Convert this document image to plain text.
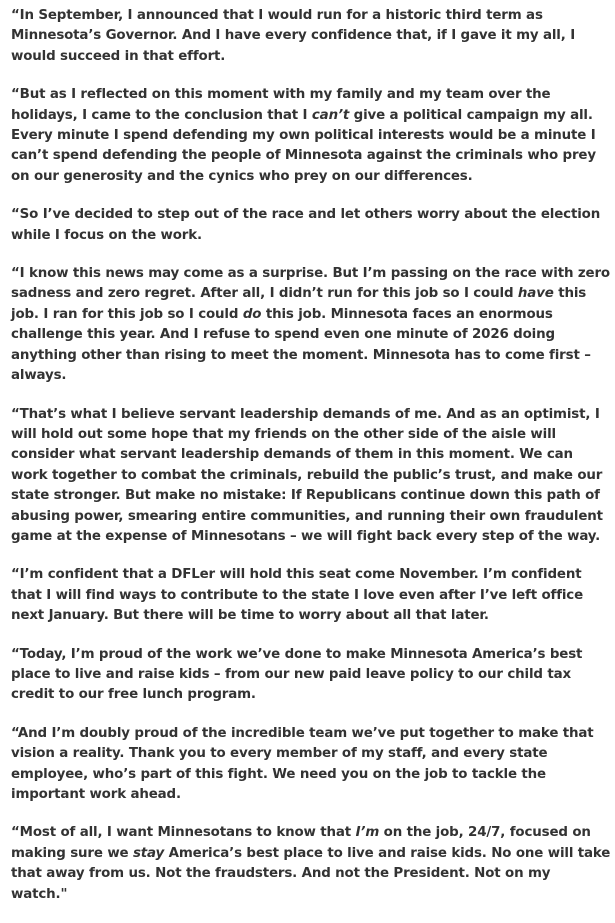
“In September, I announced that I would run for a historic third term as Minnesota’s Governor. And I have every confidence that, if I gave it my all, I would succeed in that effort.

“But as I reflected on this moment with my family and my team over the holidays, I came to the conclusion that I can’t give a political campaign my all. Every minute I spend defending my own political interests would be a minute I can’t spend defending the people of Minnesota against the criminals who prey on our generosity and the cynics who prey on our differences.

“So I’ve decided to step out of the race and let others worry about the election while I focus on the work.

“I know this news may come as a surprise. But I’m passing on the race with zero sadness and zero regret. After all, I didn’t run for this job so I could have this job. I ran for this job so I could do this job. Minnesota faces an enormous challenge this year. And I refuse to spend even one minute of 2026 doing anything other than rising to meet the moment. Minnesota has to come first – always.

“That’s what I believe servant leadership demands of me. And as an optimist, I will hold out some hope that my friends on the other side of the aisle will consider what servant leadership demands of them in this moment. We can work together to combat the criminals, rebuild the public’s trust, and make our state stronger. But make no mistake: If Republicans continue down this path of abusing power, smearing entire communities, and running their own fraudulent game at the expense of Minnesotans – we will fight back every step of the way.

“I’m confident that a DFLer will hold this seat come November. I’m confident that I will find ways to contribute to the state I love even after I’ve left office next January. But there will be time to worry about all that later.

“Today, I’m proud of the work we’ve done to make Minnesota America’s best place to live and raise kids – from our new paid leave policy to our child tax credit to our free lunch program.

“And I’m doubly proud of the incredible team we’ve put together to make that vision a reality. Thank you to every member of my staff, and every state employee, who’s part of this fight. We need you on the job to tackle the important work ahead.

“Most of all, I want Minnesotans to know that I’m on the job, 24/7, focused on making sure we stay America’s best place to live and raise kids. No one will take that away from us. Not the fraudsters. And not the President. Not on my watch."
